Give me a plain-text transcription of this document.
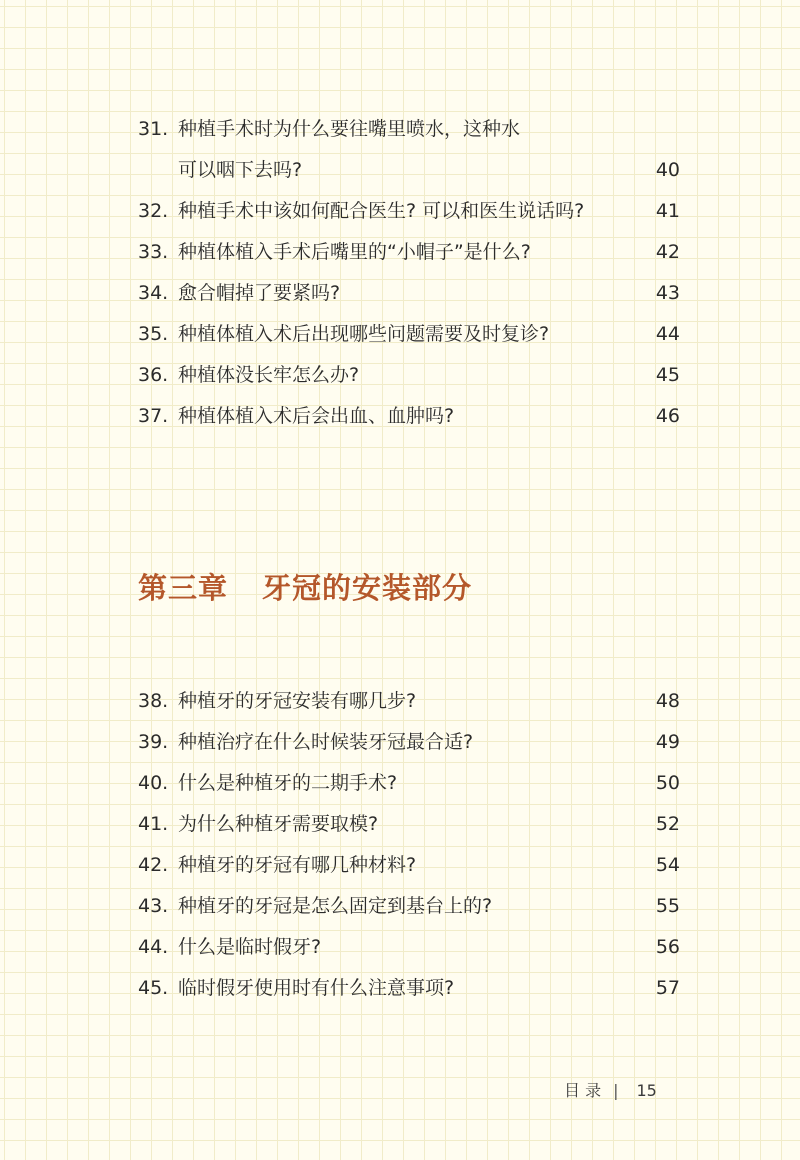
31. 种植手术时为什么要往嘴里喷水，这种水
可以咽下去吗?	40
32. 种植手术中该如何配合医生? 可以和医生说话吗?	41
33. 种植体植入手术后嘴里的“小帽子”是什么?	42
34. 愈合帽掉了要紧吗?	43
35. 种植体植入术后出现哪些问题需要及时复诊?	44
36. 种植体没长牢怎么办?	45
37. 种植体植入术后会出血、血肿吗?	46
第三章 牙冠的安装部分
38. 种植牙的牙冠安装有哪几步?	48
39. 种植治疗在什么时候装牙冠最合适?	49
40. 什么是种植牙的二期手术?	50
41. 为什么种植牙需要取模?	52
42. 种植牙的牙冠有哪几种材料?	54
43. 种植牙的牙冠是怎么固定到基台上的?	55
44. 什么是临时假牙?	56
45. 临时假牙使用时有什么注意事项?	57
目 录 | 15
